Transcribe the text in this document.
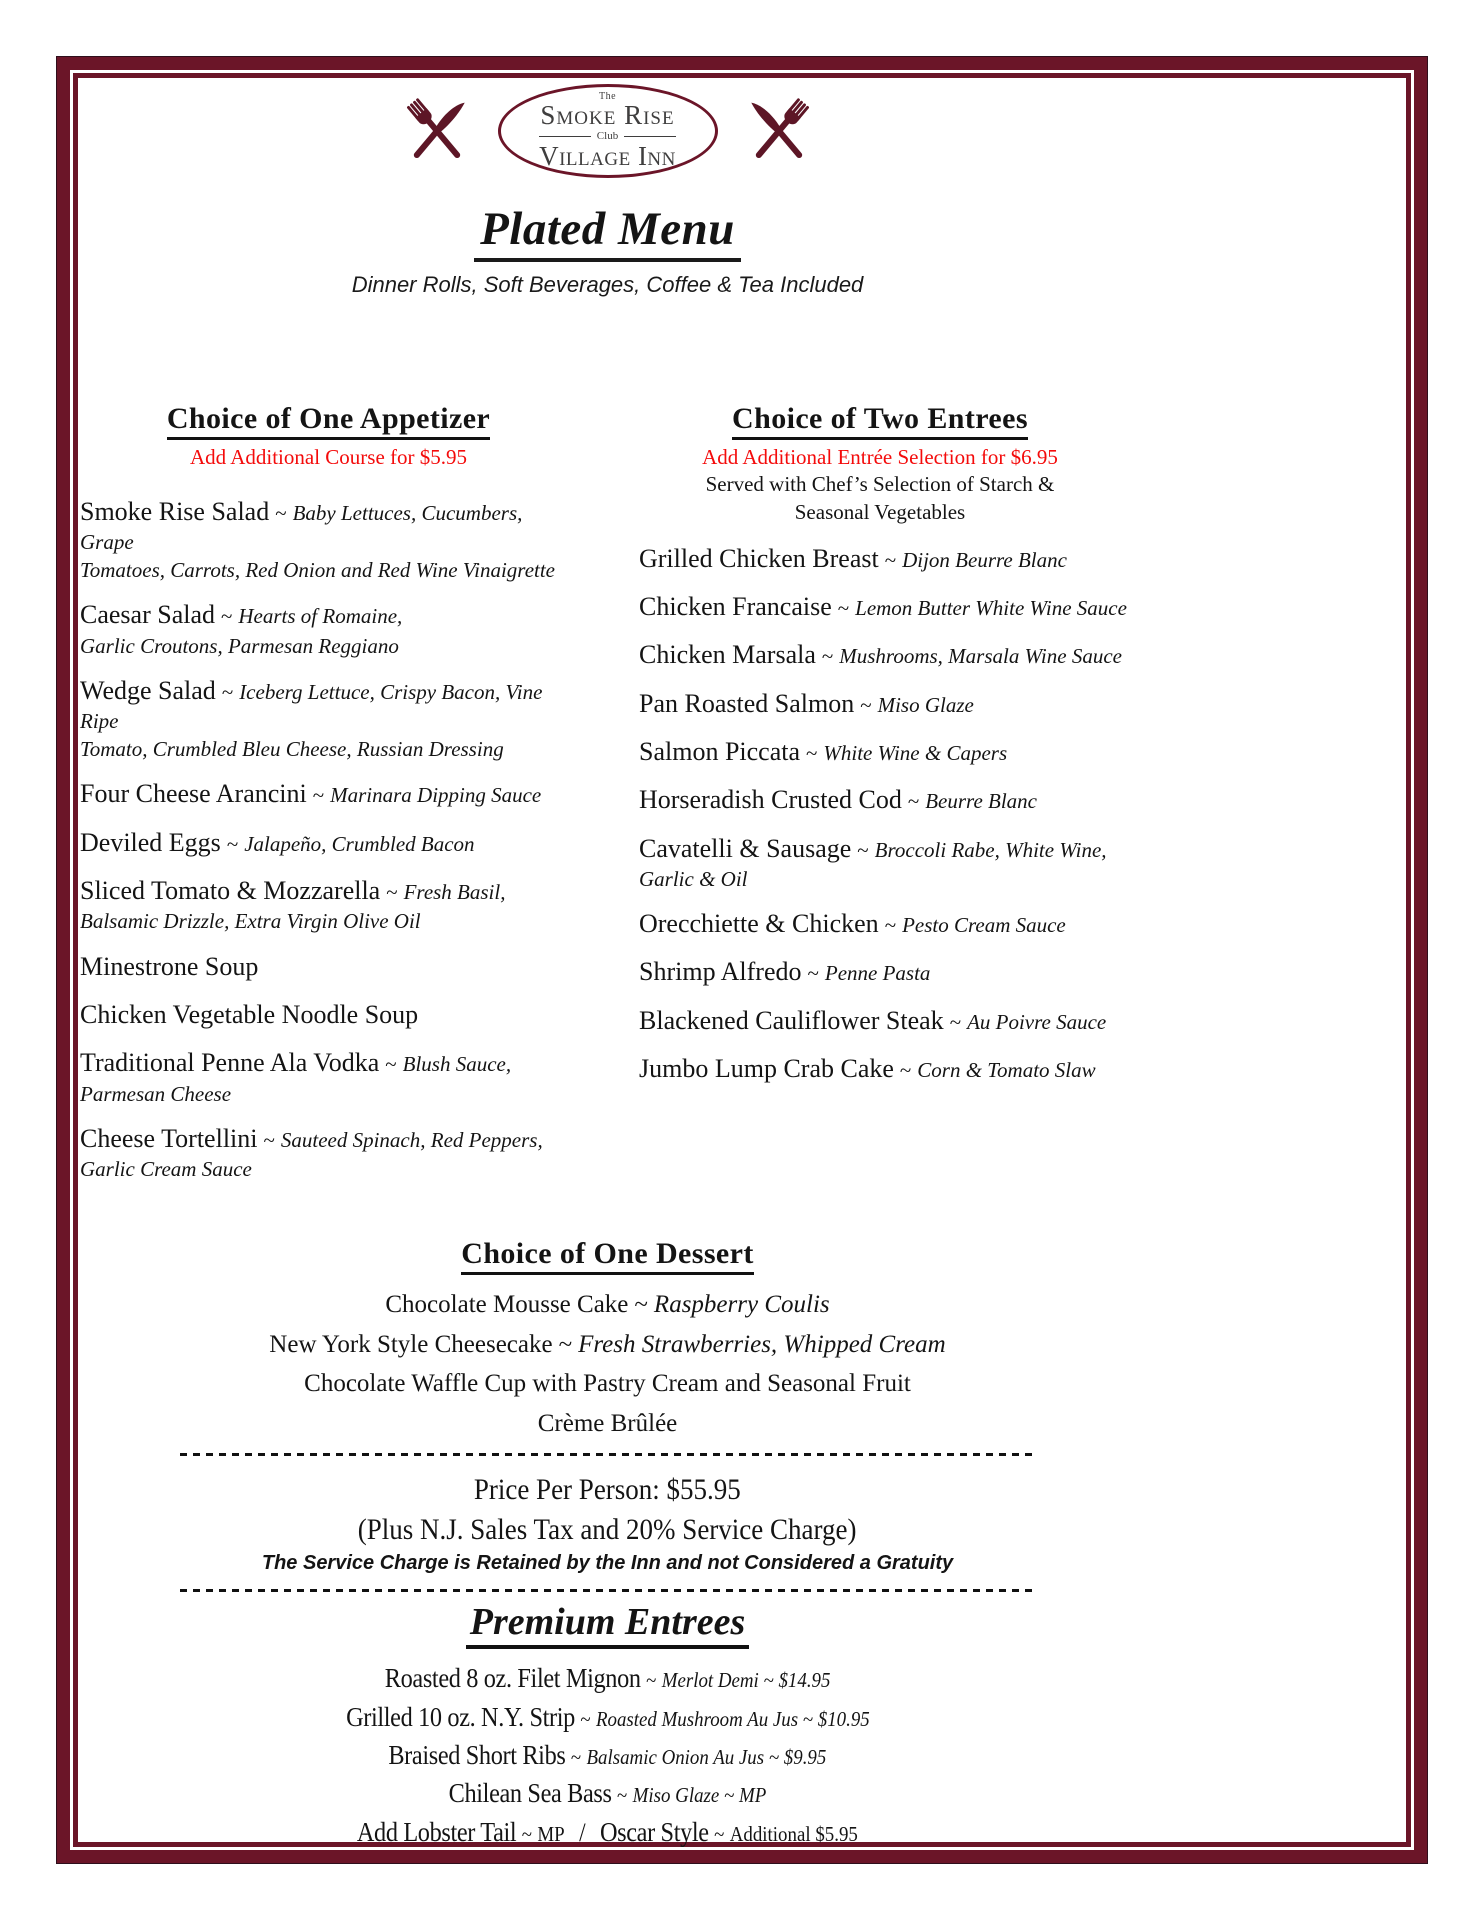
The
Smoke Rise
Club
Village Inn
Plated Menu
Dinner Rolls, Soft Beverages, Coffee & Tea Included
Choice of One Appetizer
Add Additional Course for $5.95
Smoke Rise Salad ~ Baby Lettuces, Cucumbers, Grape
Tomatoes, Carrots, Red Onion and Red Wine Vinaigrette
Caesar Salad ~ Hearts of Romaine,
Garlic Croutons, Parmesan Reggiano
Wedge Salad ~ Iceberg Lettuce, Crispy Bacon, Vine Ripe
Tomato, Crumbled Bleu Cheese, Russian Dressing
Four Cheese Arancini ~ Marinara Dipping Sauce
Deviled Eggs ~ Jalapeño, Crumbled Bacon
Sliced Tomato & Mozzarella ~ Fresh Basil,
Balsamic Drizzle, Extra Virgin Olive Oil
Minestrone Soup
Chicken Vegetable Noodle Soup
Traditional Penne Ala Vodka ~ Blush Sauce,
Parmesan Cheese
Cheese Tortellini ~ Sauteed Spinach, Red Peppers,
Garlic Cream Sauce
Choice of Two Entrees
Add Additional Entrée Selection for $6.95
Served with Chef’s Selection of Starch &
Seasonal Vegetables
Grilled Chicken Breast ~ Dijon Beurre Blanc
Chicken Francaise ~ Lemon Butter White Wine Sauce
Chicken Marsala ~ Mushrooms, Marsala Wine Sauce
Pan Roasted Salmon ~ Miso Glaze
Salmon Piccata ~ White Wine & Capers
Horseradish Crusted Cod ~ Beurre Blanc
Cavatelli & Sausage ~ Broccoli Rabe, White Wine,
Garlic & Oil
Orecchiette & Chicken ~ Pesto Cream Sauce
Shrimp Alfredo ~ Penne Pasta
Blackened Cauliflower Steak ~ Au Poivre Sauce
Jumbo Lump Crab Cake ~ Corn & Tomato Slaw
Choice of One Dessert
Chocolate Mousse Cake ~ Raspberry Coulis
New York Style Cheesecake ~ Fresh Strawberries, Whipped Cream
Chocolate Waffle Cup with Pastry Cream and Seasonal Fruit
Crème Brûlée
Price Per Person: $55.95
(Plus N.J. Sales Tax and 20% Service Charge)
The Service Charge is Retained by the Inn and not Considered a Gratuity
Premium Entrees
Roasted 8 oz. Filet Mignon ~ Merlot Demi ~ $14.95
Grilled 10 oz. N.Y. Strip ~ Roasted Mushroom Au Jus ~ $10.95
Braised Short Ribs ~ Balsamic Onion Au Jus ~ $9.95
Chilean Sea Bass ~ Miso Glaze ~ MP
Add Lobster Tail ~ MP / Oscar Style ~ Additional $5.95
